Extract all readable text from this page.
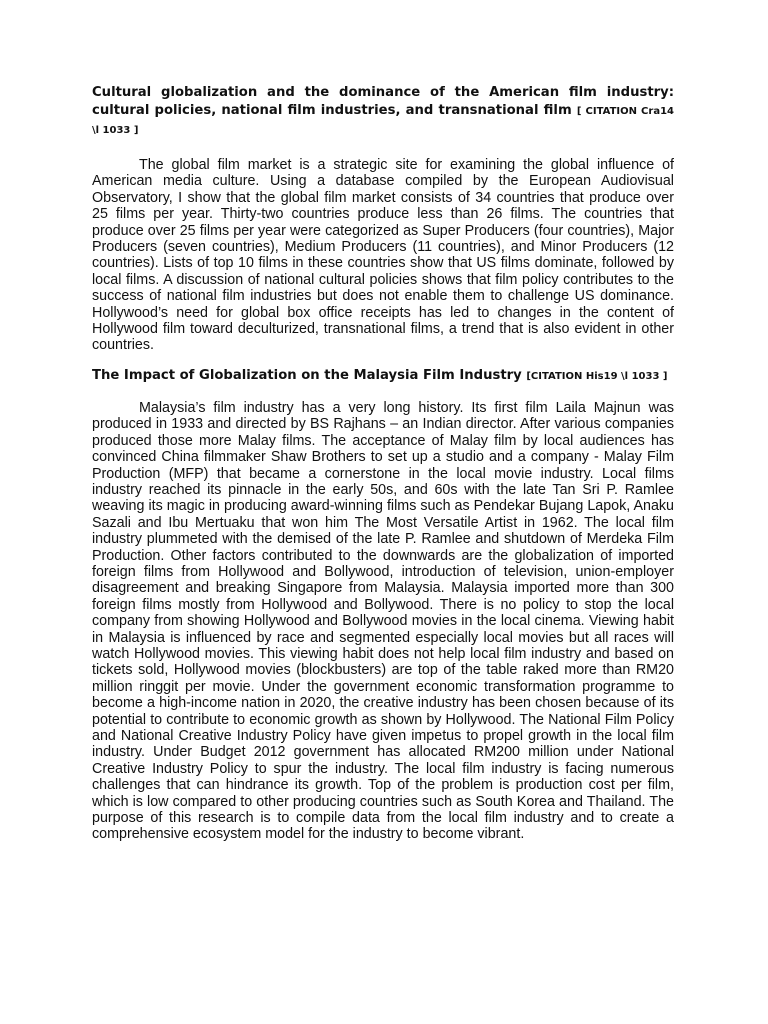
Cultural globalization and the dominance of the American film industry: cultural policies, national film industries, and transnational film [ CITATION Cra14 \l 1033 ]

The global film market is a strategic site for examining the global influence of American media culture. Using a database compiled by the European Audiovisual Observatory, I show that the global film market consists of 34 countries that produce over 25 films per year. Thirty-two countries produce less than 26 films. The countries that produce over 25 films per year were categorized as Super Producers (four countries), Major Producers (seven countries), Medium Producers (11 countries), and Minor Producers (12 countries). Lists of top 10 films in these countries show that US films dominate, followed by local films. A discussion of national cultural policies shows that film policy contributes to the success of national film industries but does not enable them to challenge US dominance. Hollywood’s need for global box office receipts has led to changes in the content of Hollywood film toward deculturized, transnational films, a trend that is also evident in other countries.

The Impact of Globalization on the Malaysia Film Industry [CITATION His19 \l 1033 ]

Malaysia’s film industry has a very long history. Its first film Laila Majnun was produced in 1933 and directed by BS Rajhans – an Indian director. After various companies produced those more Malay films. The acceptance of Malay film by local audiences has convinced China filmmaker Shaw Brothers to set up a studio and a company - Malay Film Production (MFP) that became a cornerstone in the local movie industry. Local films industry reached its pinnacle in the early 50s, and 60s with the late Tan Sri P. Ramlee weaving its magic in producing award-winning films such as Pendekar Bujang Lapok, Anaku Sazali and Ibu Mertuaku that won him The Most Versatile Artist in 1962. The local film industry plummeted with the demised of the late P. Ramlee and shutdown of Merdeka Film Production. Other factors contributed to the downwards are the globalization of imported foreign films from Hollywood and Bollywood, introduction of television, union-employer disagreement and breaking Singapore from Malaysia. Malaysia imported more than 300 foreign films mostly from Hollywood and Bollywood. There is no policy to stop the local company from showing Hollywood and Bollywood movies in the local cinema. Viewing habit in Malaysia is influenced by race and segmented especially local movies but all races will watch Hollywood movies. This viewing habit does not help local film industry and based on tickets sold, Hollywood movies (blockbusters) are top of the table raked more than RM20 million ringgit per movie. Under the government economic transformation programme to become a high-income nation in 2020, the creative industry has been chosen because of its potential to contribute to economic growth as shown by Hollywood. The National Film Policy and National Creative Industry Policy have given impetus to propel growth in the local film industry. Under Budget 2012 government has allocated RM200 million under National Creative Industry Policy to spur the industry. The local film industry is facing numerous challenges that can hindrance its growth. Top of the problem is production cost per film, which is low compared to other producing countries such as South Korea and Thailand. The purpose of this research is to compile data from the local film industry and to create a comprehensive ecosystem model for the industry to become vibrant.
